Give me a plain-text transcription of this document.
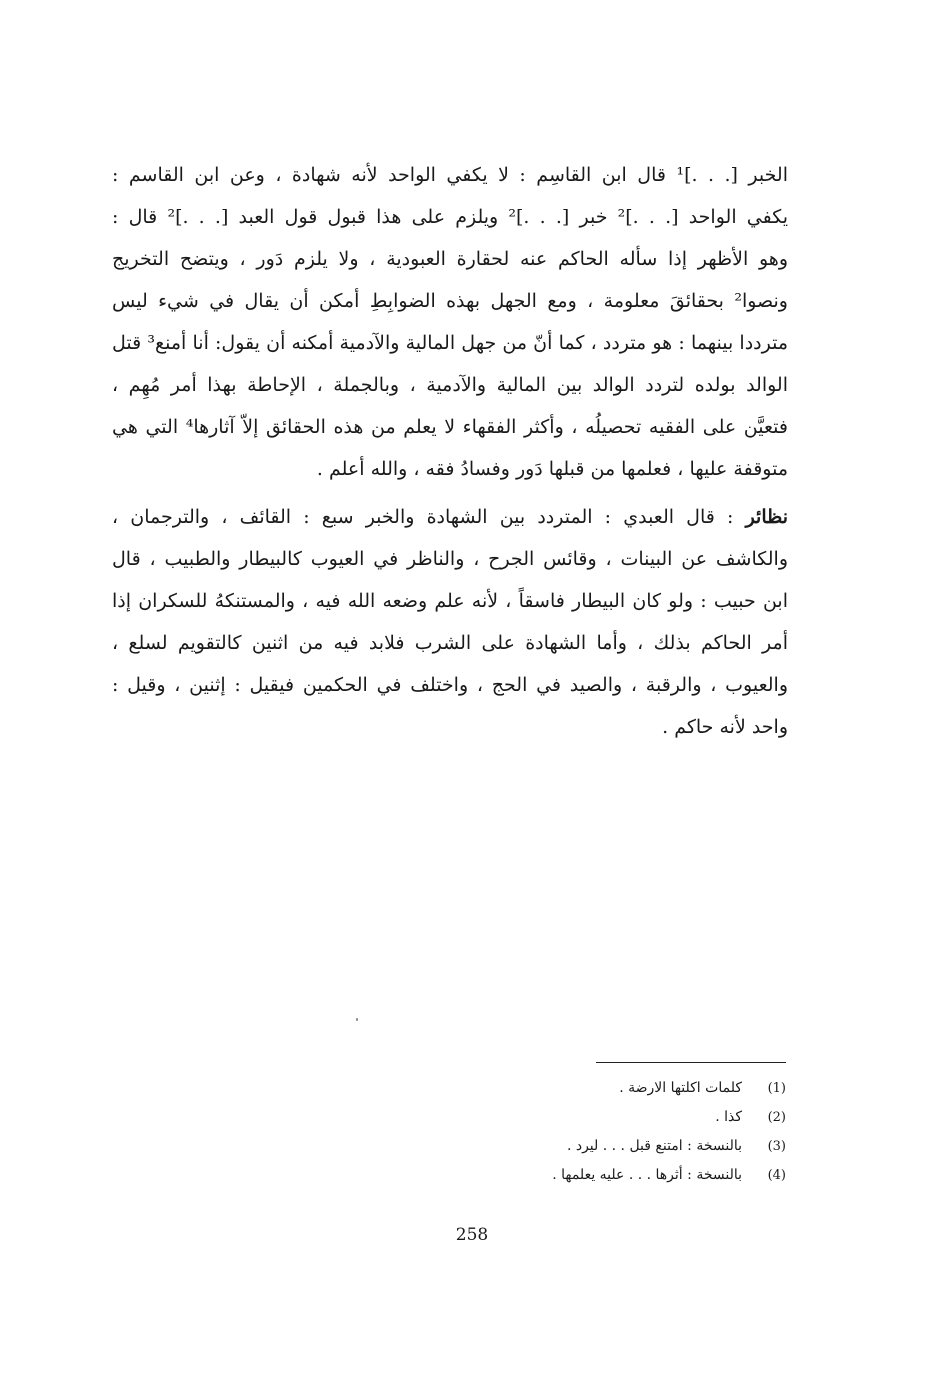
الخبر [. . .]¹ قال ابن القاسِم : لا يكفي الواحد لأنه شهادة ، وعن ابن القاسم :
يكفي الواحد [. . .]² خبر [. . .]² ويلزم على هذا قبول قول العبد [. . .]² قال :
وهو الأظهر إذا سأله الحاكم عنه لحقارة العبودية ، ولا يلزم دَور ، ويتضح التخريج
ونصوا² بحقائقَ معلومة ، ومع الجهل بهذه الضوابِطِ أمكن أن يقال في شيء ليس
مترددا بينهما : هو متردد ، كما أنّ من جهل المالية والآدمية أمكنه أن يقول: أنا أمنع³ قتل
الوالد بولده لتردد الوالد بين المالية والآدمية ، وبالجملة ، الإحاطة بهذا أمر مُهِم ،
فتعيَّن على الفقيه تحصيلُه ، وأكثر الفقهاء لا يعلم من هذه الحقائق إلاّ آثارها⁴ التي هي
متوقفة عليها ، فعلمها من قبلها دَور وفسادُ فقه ، والله أعلم .
نظائر : قال العبدي : المتردد بين الشهادة والخبر سبع : القائف ، والترجمان ،
والكاشف عن البينات ، وقائس الجرح ، والناظر في العيوب كالبيطار والطبيب ، قال
ابن حبيب : ولو كان البيطار فاسقاً ، لأنه علم وضعه الله فيه ، والمستنكهُ للسكران إذا
أمر الحاكم بذلك ، وأما الشهادة على الشرب فلابد فيه من اثنين كالتقويم لسلع ،
والعيوب ، والرقبة ، والصيد في الحج ، واختلف في الحكمين فيقيل : إثنين ، وقيل :
واحد لأنه حاكم .
(1)
كلمات اكلتها الارضة .
(2)
كذا .
(3)
بالنسخة : امتنع قبل . . . ليرد .
(4)
بالنسخة : أثرها . . . عليه يعلمها .
258
